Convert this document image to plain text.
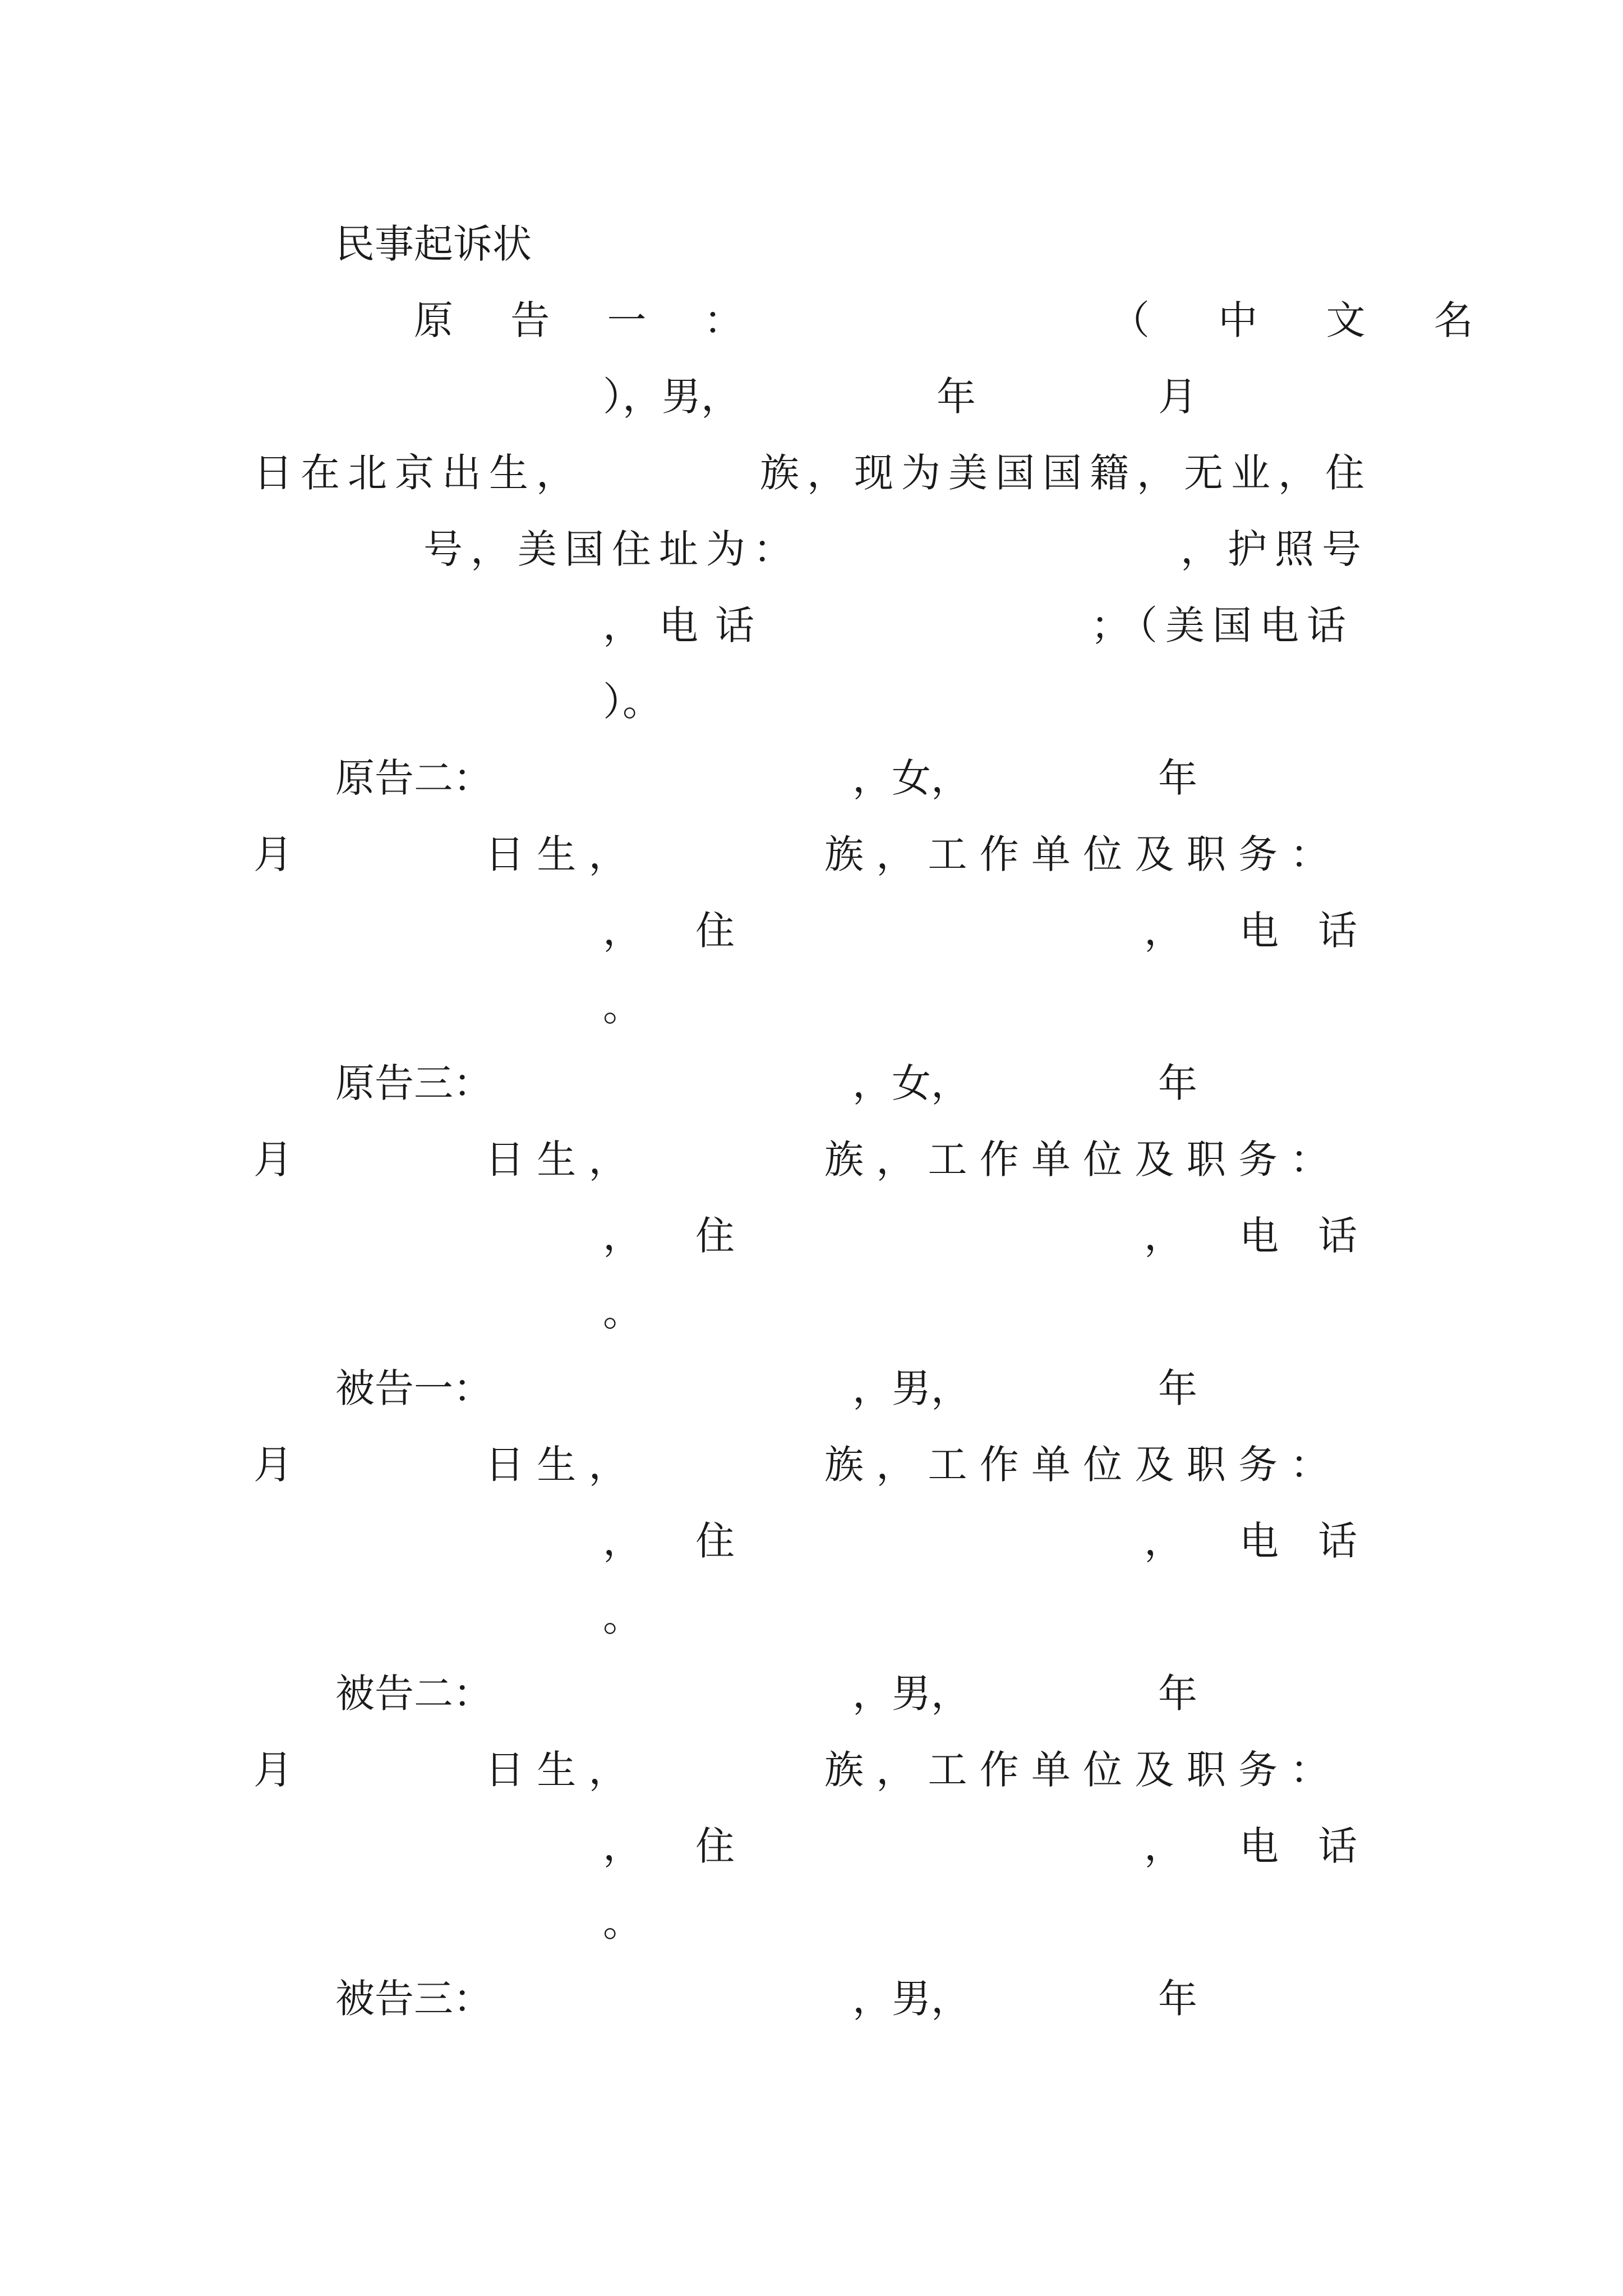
民事起诉状
原 告 一 ：	（ 中 文 名
），男，	年	月
日在北京出生，	族，现为美国国籍，无业，住
号，美国住址为：	，护照号
，电话	；（美国电话
）。
原告二：	，女，	年
月	日 生 ，	族 ， 工 作 单 位 及 职 务 ：
， 住	， 电　话
。
原告三：	，女，	年
月	日 生 ，	族 ， 工 作 单 位 及 职 务 ：
， 住	， 电　话
。
被告一：	，男，	年
月	日 生 ，	族 ， 工 作 单 位 及 职 务 ：
， 住	， 电　话
。
被告二：	，男，	年
月	日 生 ，	族 ， 工 作 单 位 及 职 务 ：
， 住	， 电　话
。
被告三：	，男，	年
